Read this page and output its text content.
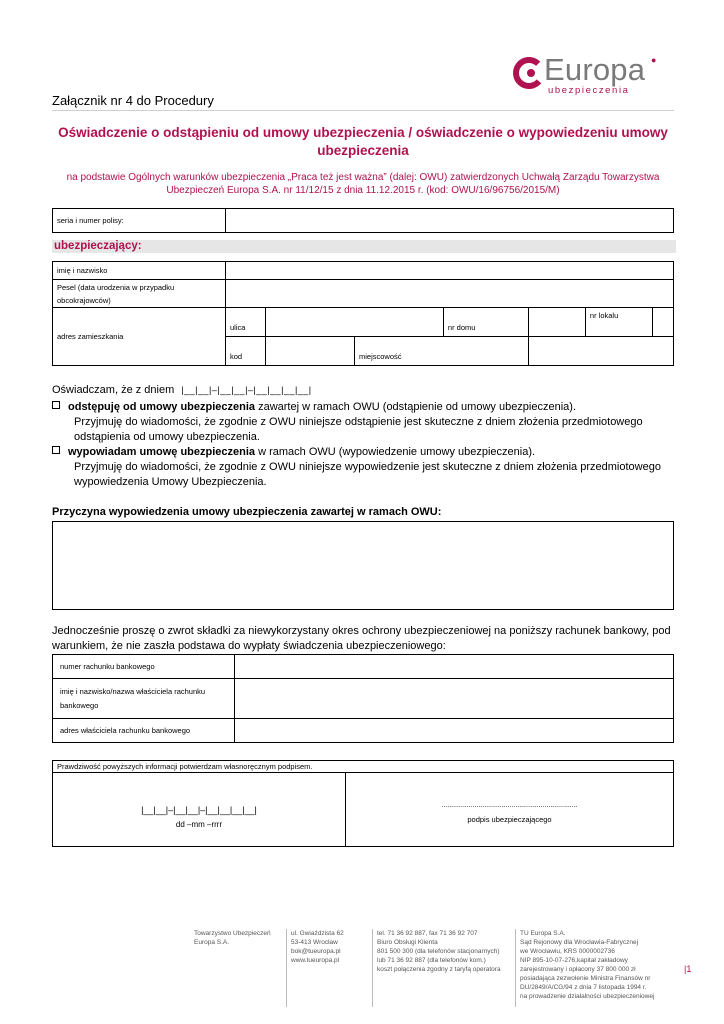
Europa ●
ubezpieczenia
Załącznik nr 4 do Procedury
Oświadczenie o odstąpieniu od umowy ubezpieczenia / oświadczenie o wypowiedzeniu umowy
ubezpieczenia
na podstawie Ogólnych warunków ubezpieczenia „Praca też jest ważna” (dalej: OWU) zatwierdzonych Uchwałą Zarządu Towarzystwa
Ubezpieczeń Europa S.A. nr 11/12/15 z dnia 11.12.2015 r. (kod: OWU/16/96756/2015/M)
seria i numer polisy:	
ubezpieczający:
imię i nazwisko							

Pesel (data urodzenia w przypadku
obcokrajowców)							

adres zamieszkania	ulica			nr domu		nr lokalu	
	kod		miejscowość				
Oświadczam, że z dniem |__|__|–|__|__|–|__|__|__|__|
odstępuję od umowy ubezpieczenia zawartej w ramach OWU (odstąpienie od umowy ubezpieczenia).
Przyjmuję do wiadomości, że zgodnie z OWU niniejsze odstąpienie jest skuteczne z dniem złożenia przedmiotowego
odstąpienia od umowy ubezpieczenia.
wypowiadam umowę ubezpieczenia w ramach OWU (wypowiedzenie umowy ubezpieczenia).
Przyjmuję do wiadomości, że zgodnie z OWU niniejsze wypowiedzenie jest skuteczne z dniem złożenia przedmiotowego
wypowiedzenia Umowy Ubezpieczenia.
Przyczyna wypowiedzenia umowy ubezpieczenia zawartej w ramach OWU:
Jednocześnie proszę o zwrot składki za niewykorzystany okres ochrony ubezpieczeniowej na poniższy rachunek bankowy, pod warunkiem, że nie zaszła podstawa do wypłaty świadczenia ubezpieczeniowego:
numer rachunku bankowego	

imię i nazwisko/nazwa właściciela rachunku
bankowego	

adres właściciela rachunku bankowego	
Prawdziwość powyższych informacji potwierdzam własnoręcznym podpisem.

|__|__|–|__|__|–|__|__|__|__|
dd –mm –rrrr

......................................................................
podpis ubezpieczającego
Towarzystwo Ubezpieczeń
Europa S.A.
ul. Gwiaździsta 62
53-413 Wrocław
bok@tueuropa.pl
www.tueuropa.pl
tel. 71 36 92 887, fax 71 36 92 707
Biuro Obsługi Klienta
801 500 300 (dla telefonów stacjonarnych)
lub 71 36 92 887 (dla telefonów kom.)
koszt połączenia zgodny z taryfą operatora
TU Europa S.A.
Sąd Rejonowy dla Wrocławia-Fabrycznej
we Wrocławiu, KRS 0000002736
NIP 895-10-07-276,kapitał zakładowy
zarejestrowany i opłacony 37 800 000 zł
posiadająca zezwolenie Ministra Finansów nr
DU/2849/A/CG/94 z dnia 7 listopada 1994 r.
na prowadzenie działalności ubezpieczeniowej
|1
